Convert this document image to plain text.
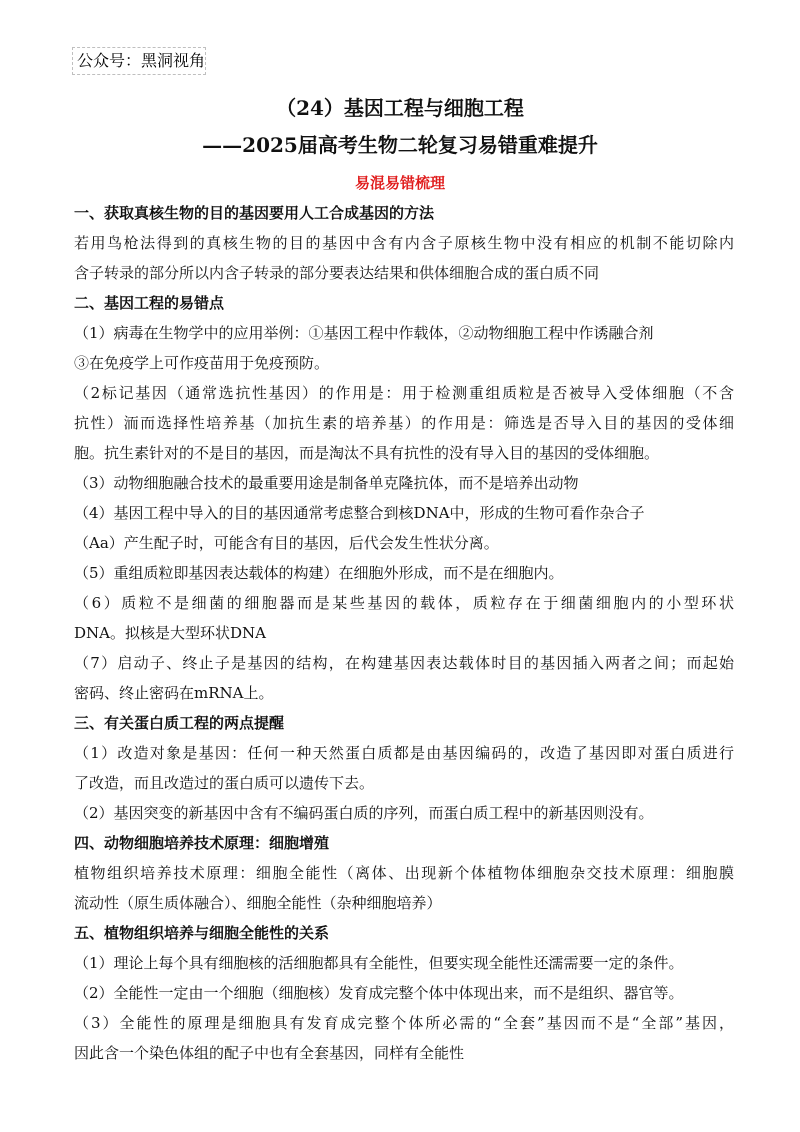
公众号：黑洞视角
（24）基因工程与细胞工程
——2025届高考生物二轮复习易错重难提升
易混易错梳理

一、获取真核生物的目的基因要用人工合成基因的方法

若用鸟枪法得到的真核生物的目的基因中含有内含子原核生物中没有相应的机制不能切除内

含子转录的部分所以内含子转录的部分要表达结果和供体细胞合成的蛋白质不同

二、基因工程的易错点

（1）病毒在生物学中的应用举例：①基因工程中作载体，②动物细胞工程中作诱融合剂

③在免疫学上可作疫苗用于免疫预防。

（2标记基因（通常选抗性基因）的作用是：用于检测重组质粒是否被导入受体细胞（不含

抗性）洏而选择性培养基（加抗生素的培养基）的作用是：筛选是否导入目的基因的受体细

胞。抗生素针对的不是目的基因，而是淘汰不具有抗性的没有导入目的基因的受体细胞。

（3）动物细胞融合技术的最重要用途是制备单克隆抗体，而不是培养出动物

（4）基因工程中导入的目的基因通常考虑整合到核DNA中，形成的生物可看作杂合子

（Aa）产生配子时，可能含有目的基因，后代会发生性状分离。

（5）重组质粒即基因表达载体的构建）在细胞外形成，而不是在细胞内。

（6）质粒不是细菌的细胞器而是某些基因的载体，质粒存在于细菌细胞内的小型环状

DNA。拟核是大型环状DNA

（7）启动子、终止子是基因的结构，在构建基因表达载体时目的基因插入两者之间；而起始

密码、终止密码在mRNA上。

三、有关蛋白质工程的两点提醒

（1）改造对象是基因：任何一种天然蛋白质都是由基因编码的，改造了基因即对蛋白质进行

了改造，而且改造过的蛋白质可以遗传下去。

（2）基因突变的新基因中含有不编码蛋白质的序列，而蛋白质工程中的新基因则没有。

四、动物细胞培养技术原理：细胞增殖

植物组织培养技术原理：细胞全能性（离体、出现新个体植物体细胞杂交技术原理：细胞膜

流动性（原生质体融合）、细胞全能性（杂种细胞培养）

五、植物组织培养与细胞全能性的关系

（1）理论上每个具有细胞核的活细胞都具有全能性，但要实现全能性还濡需要一定的条件。

（2）全能性一定由一个细胞（细胞核）发育成完整个体中体现出来，而不是组织、器官等。

（3）全能性的原理是细胞具有发育成完整个体所必需的“全套”基因而不是“全部”基因，

因此含一个染色体组的配子中也有全套基因，同样有全能性
